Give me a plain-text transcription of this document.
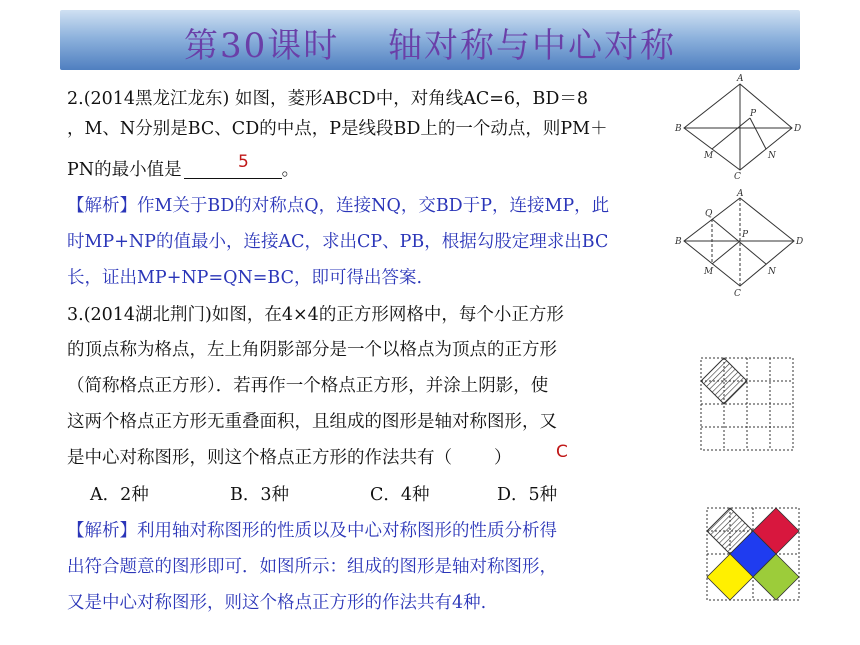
第30课时　 轴对称与中心对称
2.(2014黑龙江龙东) 如图，菱形ABCD中，对角线AC=6，BD＝8
，M、N分别是BC、CD的中点，P是线段BD上的一个动点，则PM＋
PN的最小值是	。
5
【解析】作M关于BD的对称点Q，连接NQ，交BD于P，连接MP，此
时MP+NP的值最小，连接AC，求出CP、PB，根据勾股定理求出BC
长，证出MP+NP=QN=BC，即可得出答案.
3.(2014湖北荆门)如图，在4×4的正方形网格中，每个小正方形
的顶点称为格点，左上角阴影部分是一个以格点为顶点的正方形
（简称格点正方形）．若再作一个格点正方形，并涂上阴影，使
这两个格点正方形无重叠面积，且组成的图形是轴对称图形，又
是中心对称图形，则这个格点正方形的作法共有（ ）	C
A．2种	B．3种	C．4种	D．5种
【解析】利用轴对称图形的性质以及中心对称图形的性质分析得
出符合题意的图形即可．如图所示：组成的图形是轴对称图形，
又是中心对称图形，则这个格点正方形的作法共有4种.
A
B
C
D
P
M	N
A
B
C
D
P
M	N
Q
